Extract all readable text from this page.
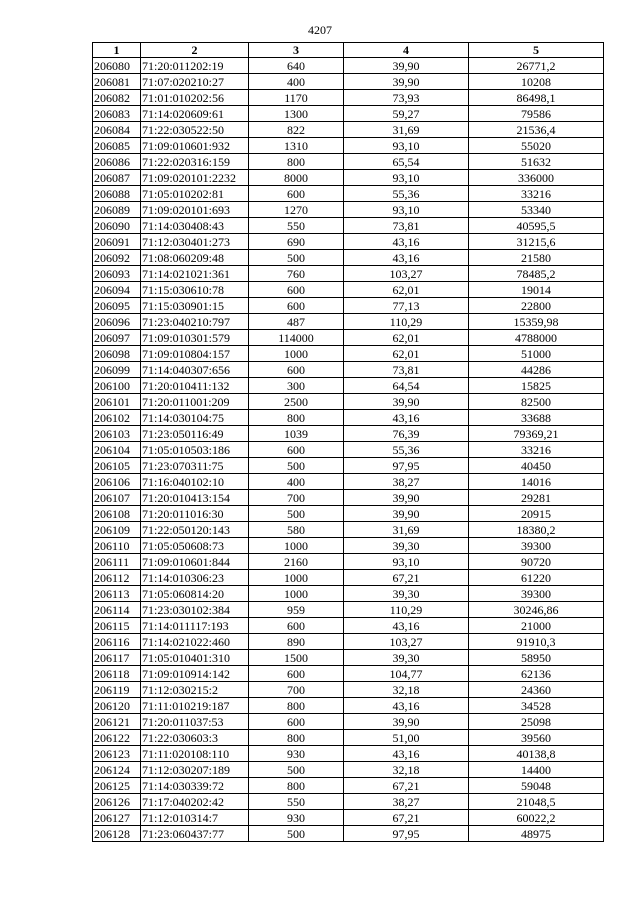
4207
1	2	3	4	5
206080	71:20:011202:19	640	39,90	26771,2
206081	71:07:020210:27	400	39,90	10208
206082	71:01:010202:56	1170	73,93	86498,1
206083	71:14:020609:61	1300	59,27	79586
206084	71:22:030522:50	822	31,69	21536,4
206085	71:09:010601:932	1310	93,10	55020
206086	71:22:020316:159	800	65,54	51632
206087	71:09:020101:2232	8000	93,10	336000
206088	71:05:010202:81	600	55,36	33216
206089	71:09:020101:693	1270	93,10	53340
206090	71:14:030408:43	550	73,81	40595,5
206091	71:12:030401:273	690	43,16	31215,6
206092	71:08:060209:48	500	43,16	21580
206093	71:14:021021:361	760	103,27	78485,2
206094	71:15:030610:78	600	62,01	19014
206095	71:15:030901:15	600	77,13	22800
206096	71:23:040210:797	487	110,29	15359,98
206097	71:09:010301:579	114000	62,01	4788000
206098	71:09:010804:157	1000	62,01	51000
206099	71:14:040307:656	600	73,81	44286
206100	71:20:010411:132	300	64,54	15825
206101	71:20:011001:209	2500	39,90	82500
206102	71:14:030104:75	800	43,16	33688
206103	71:23:050116:49	1039	76,39	79369,21
206104	71:05:010503:186	600	55,36	33216
206105	71:23:070311:75	500	97,95	40450
206106	71:16:040102:10	400	38,27	14016
206107	71:20:010413:154	700	39,90	29281
206108	71:20:011016:30	500	39,90	20915
206109	71:22:050120:143	580	31,69	18380,2
206110	71:05:050608:73	1000	39,30	39300
206111	71:09:010601:844	2160	93,10	90720
206112	71:14:010306:23	1000	67,21	61220
206113	71:05:060814:20	1000	39,30	39300
206114	71:23:030102:384	959	110,29	30246,86
206115	71:14:011117:193	600	43,16	21000
206116	71:14:021022:460	890	103,27	91910,3
206117	71:05:010401:310	1500	39,30	58950
206118	71:09:010914:142	600	104,77	62136
206119	71:12:030215:2	700	32,18	24360
206120	71:11:010219:187	800	43,16	34528
206121	71:20:011037:53	600	39,90	25098
206122	71:22:030603:3	800	51,00	39560
206123	71:11:020108:110	930	43,16	40138,8
206124	71:12:030207:189	500	32,18	14400
206125	71:14:030339:72	800	67,21	59048
206126	71:17:040202:42	550	38,27	21048,5
206127	71:12:010314:7	930	67,21	60022,2
206128	71:23:060437:77	500	97,95	48975
